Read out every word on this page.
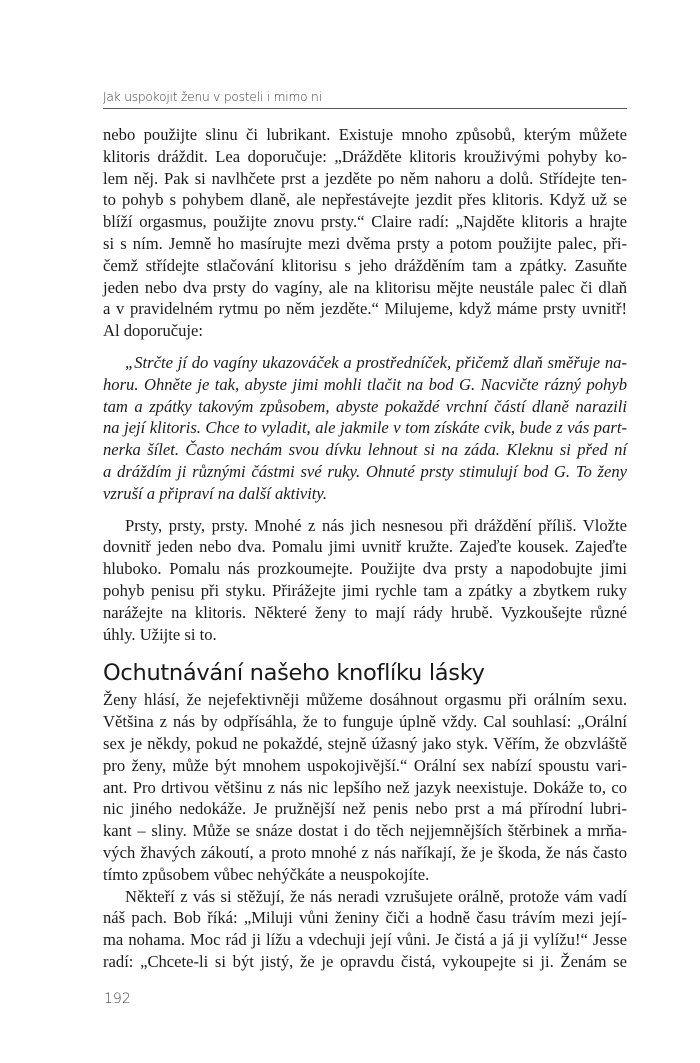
Jak uspokojit ženu v posteli i mimo ni

nebo použijte slinu či lubrikant. Existuje mnoho způsobů, kterým můžete
klitoris dráždit. Lea doporučuje: „Drážděte klitoris krouživými pohyby ko-
lem něj. Pak si navlhčete prst a jezděte po něm nahoru a dolů. Střídejte ten-
to pohyb s pohybem dlaně, ale nepřestávejte jezdit přes klitoris. Když už se
blíží orgasmus, použijte znovu prsty.“ Claire radí: „Najděte klitoris a hrajte
si s ním. Jemně ho masírujte mezi dvěma prsty a potom použijte palec, při-
čemž střídejte stlačování klitorisu s jeho drážděním tam a zpátky. Zasuňte
jeden nebo dva prsty do vagíny, ale na klitorisu mějte neustále palec či dlaň
a v pravidelném rytmu po něm jezděte.“ Milujeme, když máme prsty uvnitř!
Al doporučuje:

„Strčte jí do vagíny ukazováček a prostředníček, přičemž dlaň směřuje na-
horu. Ohněte je tak, abyste jimi mohli tlačit na bod G. Nacvičte rázný pohyb
tam a zpátky takovým způsobem, abyste pokaždé vrchní částí dlaně narazili
na její klitoris. Chce to vyladit, ale jakmile v tom získáte cvik, bude z vás part-
nerka šílet. Často nechám svou dívku lehnout si na záda. Kleknu si před ní
a dráždím ji různými částmi své ruky. Ohnuté prsty stimulují bod G. To ženy
vzruší a připraví na další aktivity.

Prsty, prsty, prsty. Mnohé z nás jich nesnesou při dráždění příliš. Vložte
dovnitř jeden nebo dva. Pomalu jimi uvnitř kružte. Zajeďte kousek. Zajeďte
hluboko. Pomalu nás prozkoumejte. Použijte dva prsty a napodobujte jimi
pohyb penisu při styku. Přirážejte jimi rychle tam a zpátky a zbytkem ruky
narážejte na klitoris. Některé ženy to mají rády hrubě. Vyzkoušejte různé
úhly. Užijte si to.

Ochutnávání našeho knoflíku lásky

Ženy hlásí, že nejefektivněji můžeme dosáhnout orgasmu při orálním sexu.
Většina z nás by odpřísáhla, že to funguje úplně vždy. Cal souhlasí: „Orální
sex je někdy, pokud ne pokaždé, stejně úžasný jako styk. Věřím, že obzvláště
pro ženy, může být mnohem uspokojivější.“ Orální sex nabízí spoustu vari-
ant. Pro drtivou většinu z nás nic lepšího než jazyk neexistuje. Dokáže to, co
nic jiného nedokáže. Je pružnější než penis nebo prst a má přírodní lubri-
kant – sliny. Může se snáze dostat i do těch nejjemnějších štěrbinek a mrňa-
vých žhavých zákoutí, a proto mnohé z nás naříkají, že je škoda, že nás často
tímto způsobem vůbec nehýčkáte a neuspokojíte.

Někteří z vás si stěžují, že nás neradi vzrušujete orálně, protože vám vadí
náš pach. Bob říká: „Miluji vůni ženiny čiči a hodně času trávím mezi její-
ma nohama. Moc rád ji lížu a vdechuji její vůni. Je čistá a já ji vylížu!“ Jesse
radí: „Chcete-li si být jistý, že je opravdu čistá, vykoupejte si ji. Ženám se

192
